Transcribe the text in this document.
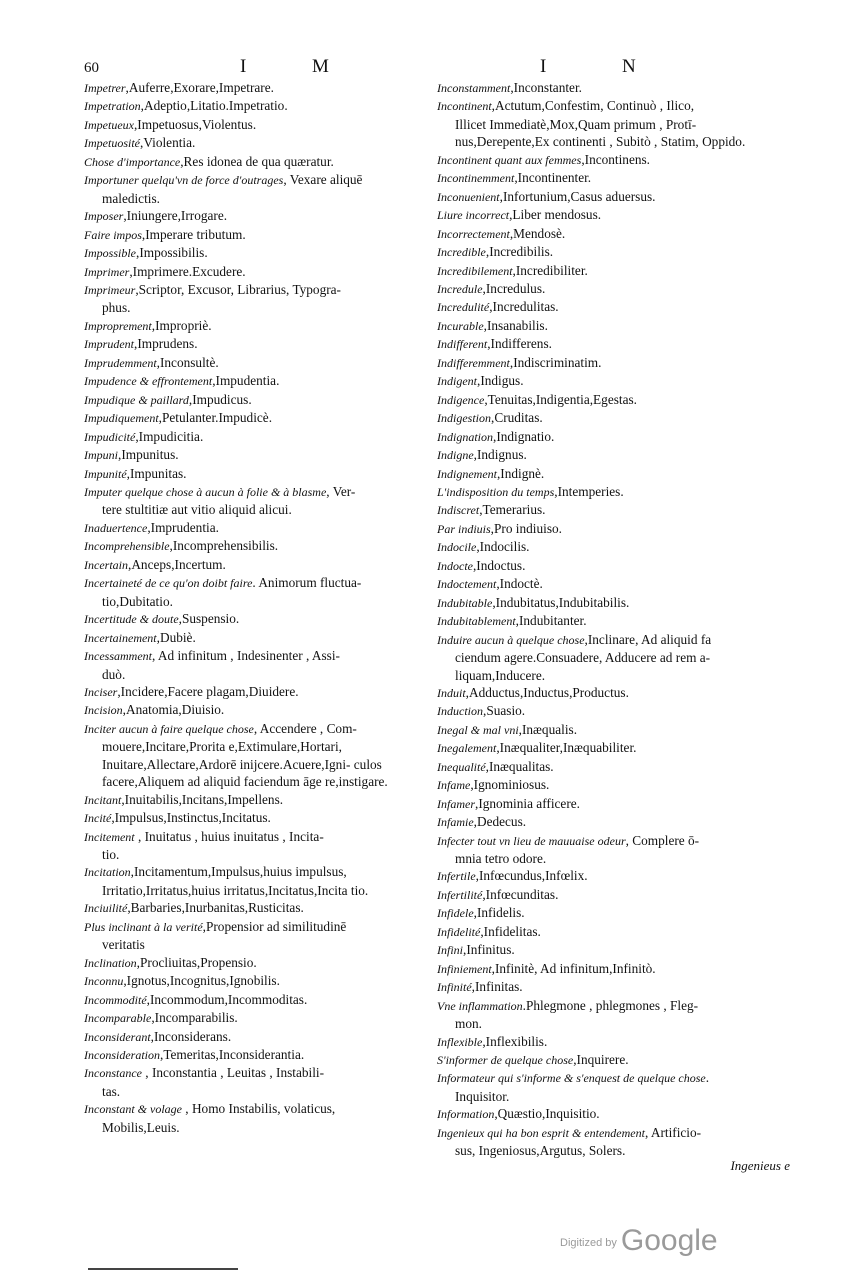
60	I	M	I	N
Impetrer,Auferre,Exorare,Impetrare.
Impetration,Adeptio,Litatio.Impetratio.
Impetueux,Impetuosus,Violentus.
Impetuosité,Violentia.
Chose d'importance,Res idonea de qua quæratur.
Importuner quelqu'vn de force d'outrages, Vexare aliquē
maledictis.
Imposer,Iniungere,Irrogare.
Faire impos,Imperare tributum.
Impossible,Impossibilis.
Imprimer,Imprimere.Excudere.
Imprimeur,Scriptor, Excusor, Librarius, Typogra-
phus.
Improprement,Impropriè.
Imprudent,Imprudens.
Imprudemment,Inconsultè.
Impudence & effrontement,Impudentia.
Impudique & paillard,Impudicus.
Impudiquement,Petulanter.Impudicè.
Impudicité,Impudicitia.
Impuni,Impunitus.
Impunité,Impunitas.
Imputer quelque chose à aucun à folie & à blasme, Ver-
tere stultitiæ aut vitio aliquid alicui.
Inaduertence,Imprudentia.
Incomprehensible,Incomprehensibilis.
Incertain,Anceps,Incertum.
Incertaineté de ce qu'on doibt faire. Animorum fluctua-
tio,Dubitatio.
Incertitude & doute,Suspensio.
Incertainement,Dubiè.
Incessamment, Ad infinitum , Indesinenter , Assi-
duò.
Inciser,Incidere,Facere plagam,Diuidere.
Incision,Anatomia,Diuisio.
Inciter aucun à faire quelque chose, Accendere , Com-
mouere,Incitare,Prorita e,Extimulare,Hortari, Inuitare,Allectare,Ardorē inijcere.Acuere,Igni- culos facere,Aliquem ad aliquid faciendum āge re,instigare.
Incitant,Inuitabilis,Incitans,Impellens.
Incité,Impulsus,Instinctus,Incitatus.
Incitement , Inuitatus , huius inuitatus , Incita-
tio.
Incitation,Incitamentum,Impulsus,huius impulsus,
Irritatio,Irritatus,huius irritatus,Incitatus,Incita tio.
Inciuilité,Barbaries,Inurbanitas,Rusticitas.
Plus inclinant à la verité,Propensior ad similitudinē
veritatis
Inclination,Procliuitas,Propensio.
Inconnu,Ignotus,Incognitus,Ignobilis.
Incommodité,Incommodum,Incommoditas.
Incomparable,Incomparabilis.
Inconsiderant,Inconsiderans.
Inconsideration,Temeritas,Inconsiderantia.
Inconstance , Inconstantia , Leuitas , Instabili-
tas.
Inconstant & volage , Homo Instabilis, volaticus,
Mobilis,Leuis.
Inconstamment,Inconstanter.
Incontinent,Actutum,Confestim, Continuò , Ilico,
Illicet Immediatè,Mox,Quam primum , Protī- nus,Derepente,Ex continenti , Subitò , Statim, Oppido.
Incontinent quant aux femmes,Incontinens.
Incontinemment,Incontinenter.
Inconuenient,Infortunium,Casus aduersus.
Liure incorrect,Liber mendosus.
Incorrectement,Mendosè.
Incredible,Incredibilis.
Incredibilement,Incredibiliter.
Incredule,Incredulus.
Incredulité,Incredulitas.
Incurable,Insanabilis.
Indifferent,Indifferens.
Indifferemment,Indiscriminatim.
Indigent,Indigus.
Indigence,Tenuitas,Indigentia,Egestas.
Indigestion,Cruditas.
Indignation,Indignatio.
Indigne,Indignus.
Indignement,Indignè.
L'indisposition du temps,Intemperies.
Indiscret,Temerarius.
Par indiuis,Pro indiuiso.
Indocile,Indocilis.
Indocte,Indoctus.
Indoctement,Indoctè.
Indubitable,Indubitatus,Indubitabilis.
Indubitablement,Indubitanter.
Induire aucun à quelque chose,Inclinare, Ad aliquid fa
ciendum agere.Consuadere, Adducere ad rem a- liquam,Inducere.
Induit,Adductus,Inductus,Productus.
Induction,Suasio.
Inegal & mal vni,Inæqualis.
Inegalement,Inæqualiter,Inæquabiliter.
Inequalité,Inæqualitas.
Infame,Ignominiosus.
Infamer,Ignominia afficere.
Infamie,Dedecus.
Infecter tout vn lieu de mauuaise odeur, Complere ō-
mnia tetro odore.
Infertile,Infœcundus,Infœlix.
Infertilité,Infœcunditas.
Infidele,Infidelis.
Infidelité,Infidelitas.
Infini,Infinitus.
Infiniement,Infinitè, Ad infinitum,Infinitò.
Infinité,Infinitas.
Vne inflammation.Phlegmone , phlegmones , Fleg-
mon.
Inflexible,Inflexibilis.
S'informer de quelque chose,Inquirere.
Informateur qui s'informe & s'enquest de quelque chose.
Inquisitor.
Information,Quæstio,Inquisitio.
Ingenieux qui ha bon esprit & entendement, Artificio-
sus, Ingeniosus,Argutus, Solers.
Ingenieus e
$^{Digitized by}$ Google
